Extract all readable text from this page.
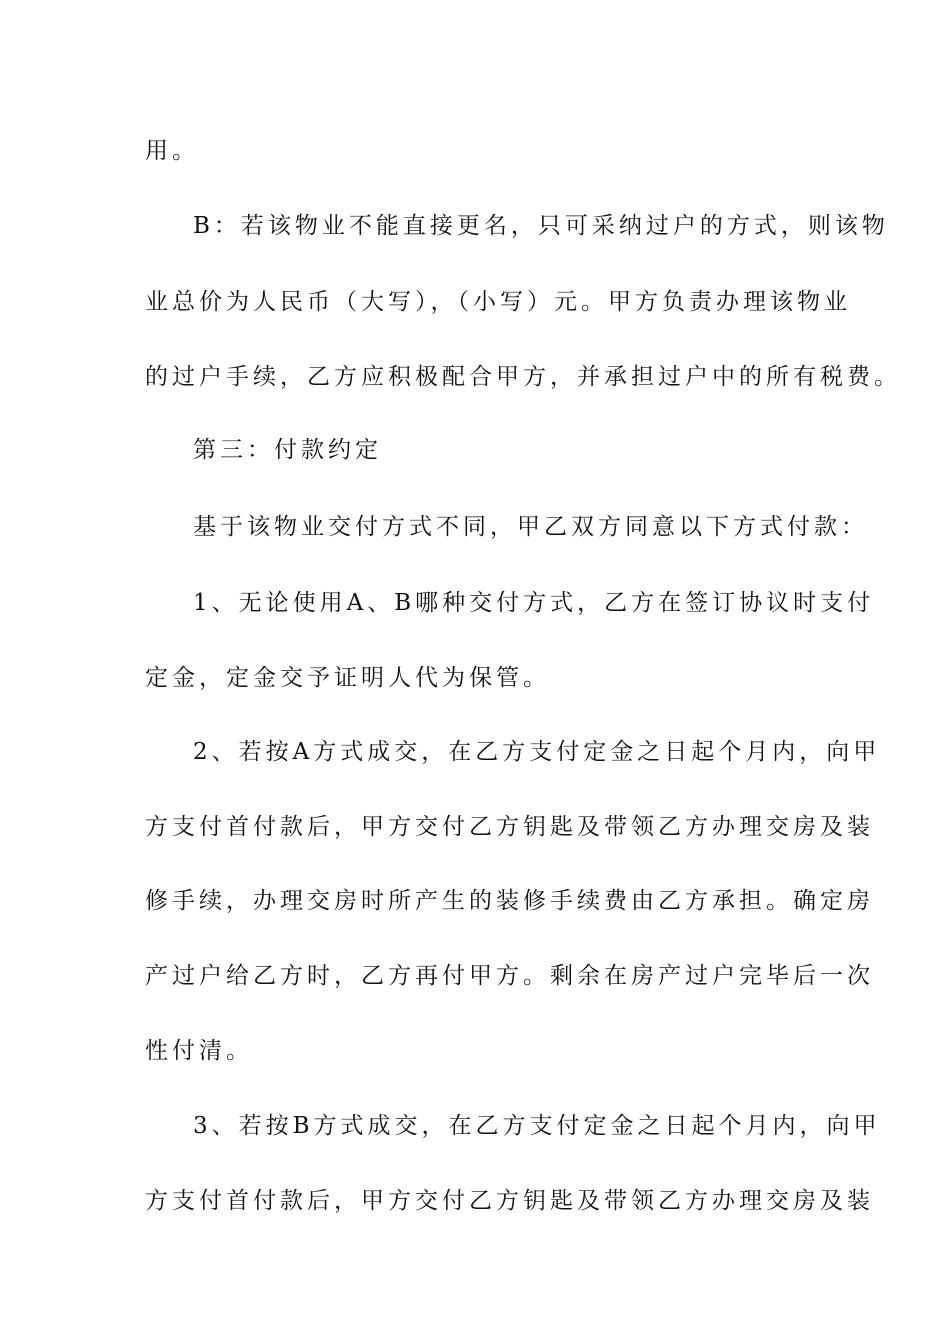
用。
B：若该物业不能直接更名，只可采纳过户的方式，则该物
业总价为人民币（大写），（小写）元。甲方负责办理该物业
的过户手续，乙方应积极配合甲方，并承担过户中的所有税费。
第三：付款约定
基于该物业交付方式不同，甲乙双方同意以下方式付款：
1、无论使用A、B哪种交付方式，乙方在签订协议时支付
定金，定金交予证明人代为保管。
2、若按A方式成交，在乙方支付定金之日起个月内，向甲
方支付首付款后，甲方交付乙方钥匙及带领乙方办理交房及装
修手续，办理交房时所产生的装修手续费由乙方承担。确定房
产过户给乙方时，乙方再付甲方。剩余在房产过户完毕后一次
性付清。
3、若按B方式成交，在乙方支付定金之日起个月内，向甲
方支付首付款后，甲方交付乙方钥匙及带领乙方办理交房及装
